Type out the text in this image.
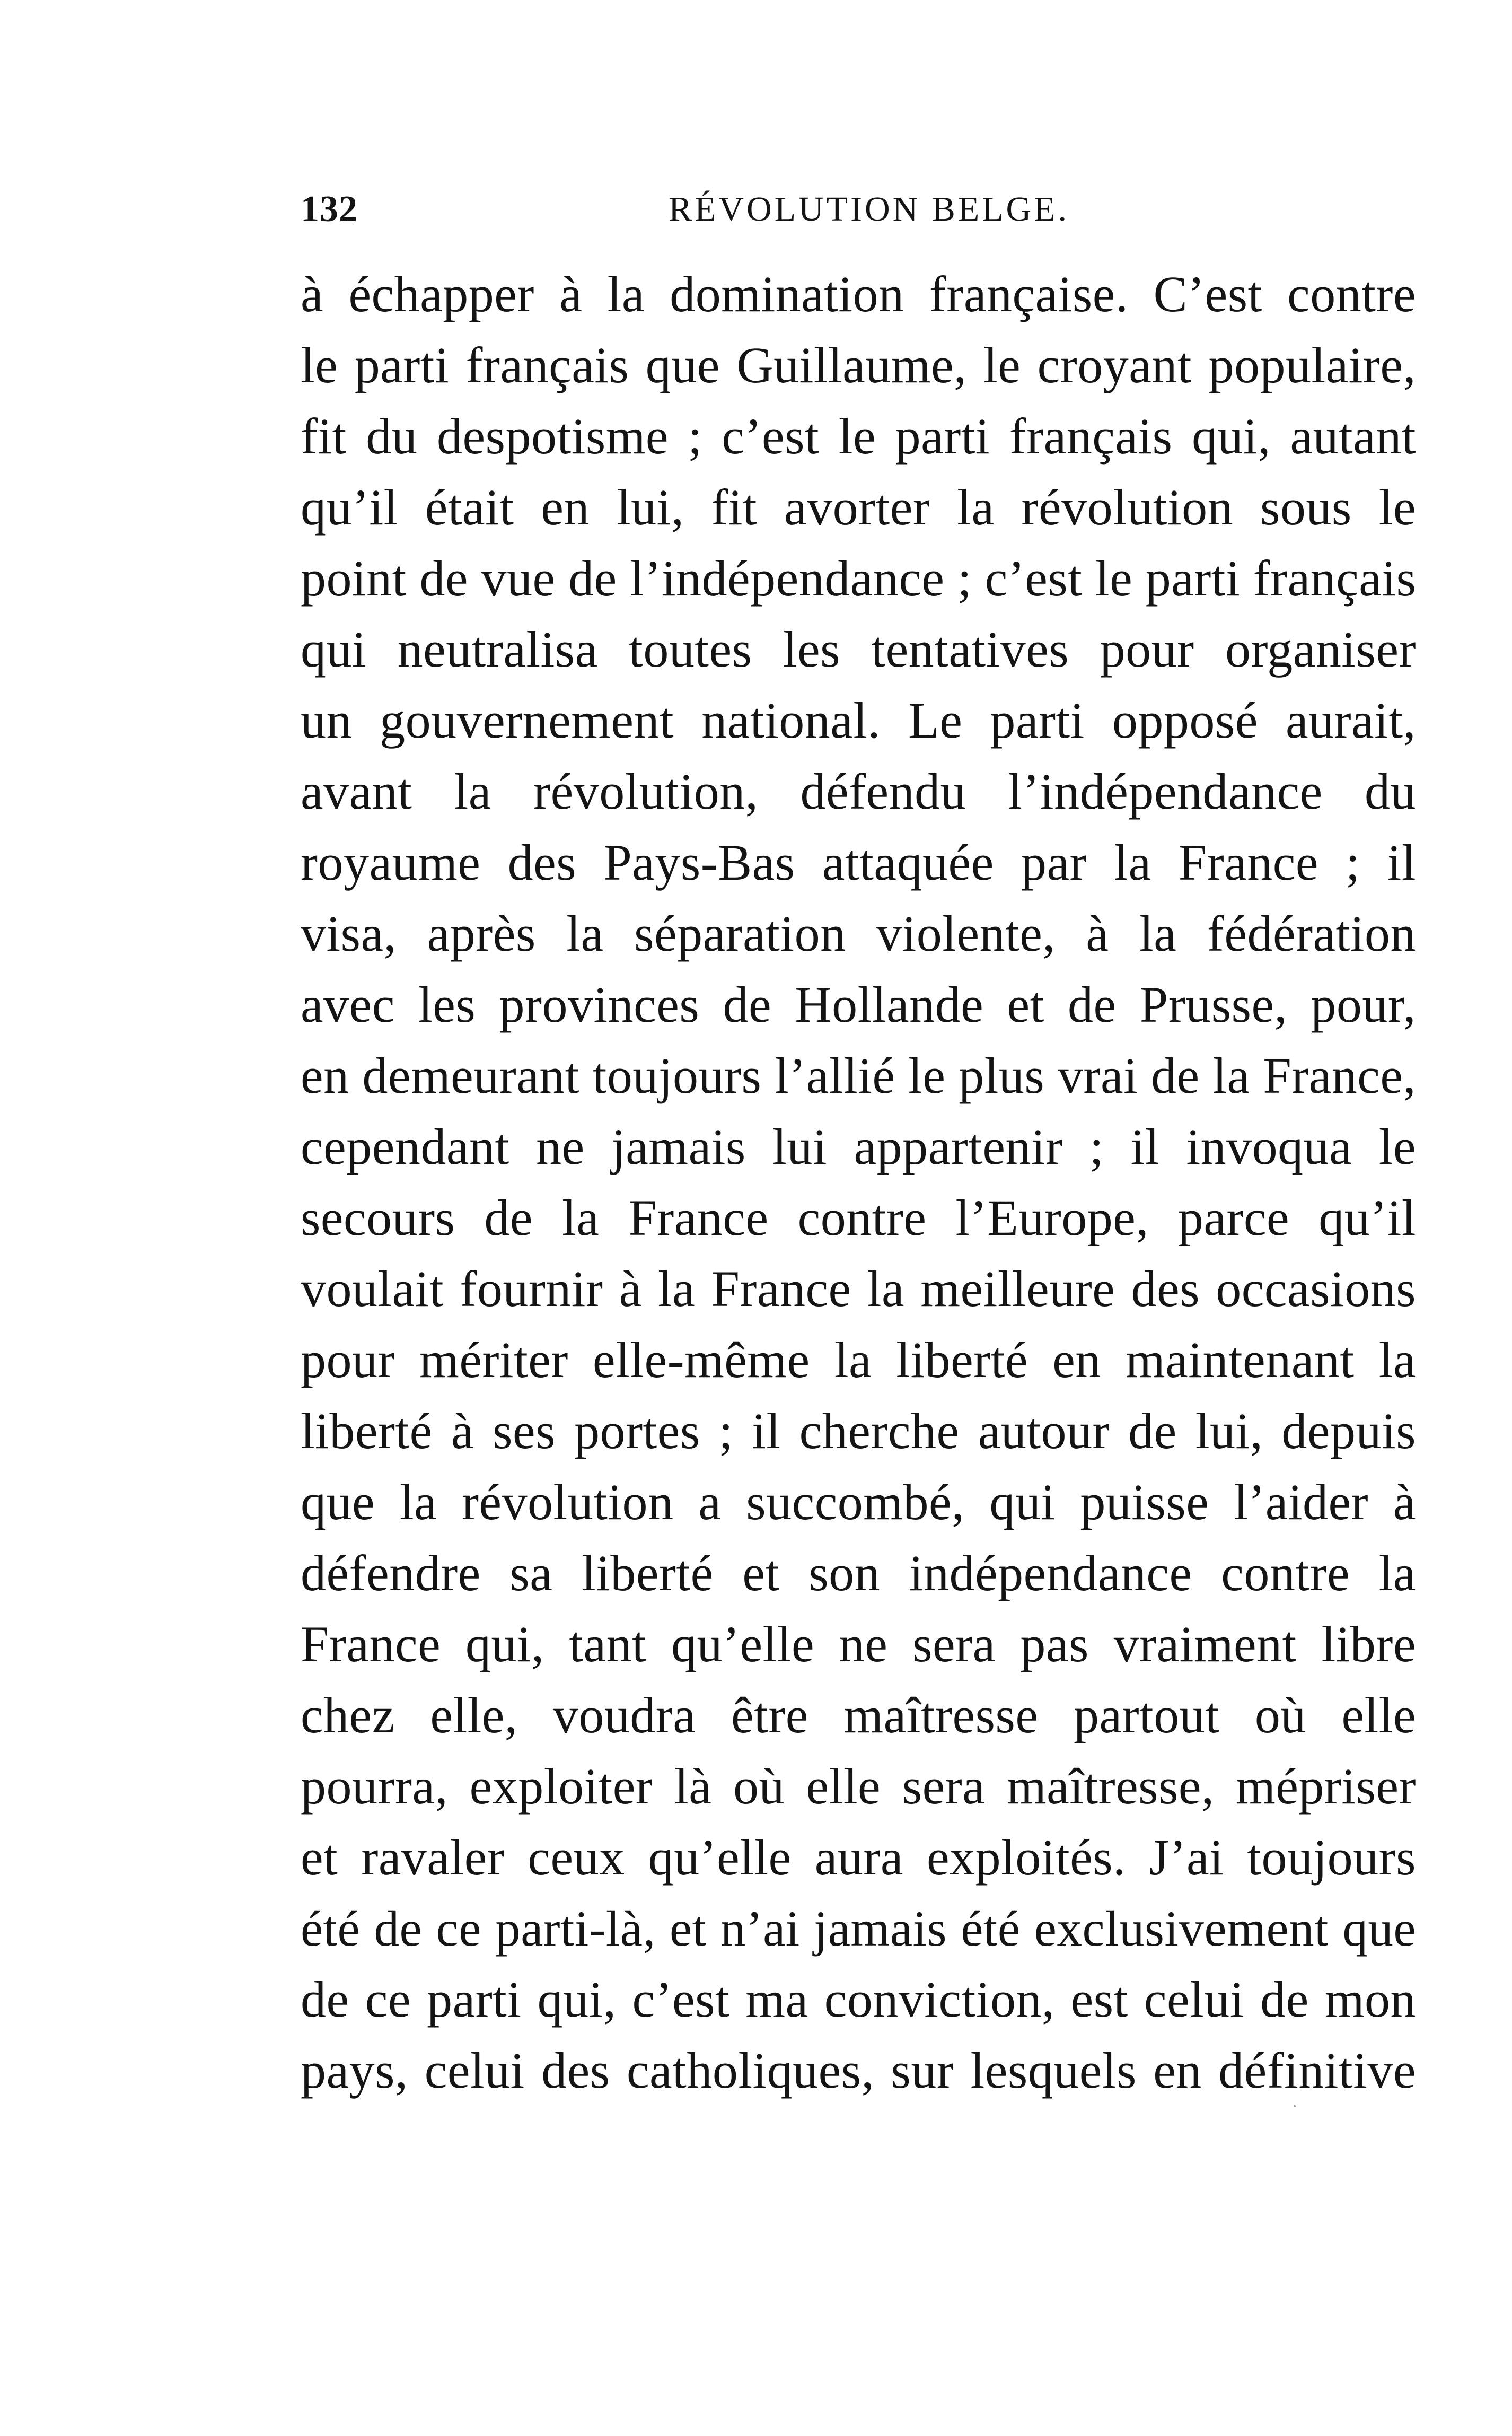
132	RÉVOLUTION BELGE.
à échapper à la domination française. C’est contre
le parti français que Guillaume, le croyant populaire,
fit du despotisme ; c’est le parti français qui, autant
qu’il était en lui, fit avorter la révolution sous le
point de vue de l’indépendance ; c’est le parti français
qui neutralisa toutes les tentatives pour organiser
un gouvernement national. Le parti opposé aurait,
avant la révolution, défendu l’indépendance du
royaume des Pays-Bas attaquée par la France ; il
visa, après la séparation violente, à la fédération
avec les provinces de Hollande et de Prusse, pour,
en demeurant toujours l’allié le plus vrai de la France,
cependant ne jamais lui appartenir ; il invoqua le
secours de la France contre l’Europe, parce qu’il
voulait fournir à la France la meilleure des occasions
pour mériter elle-même la liberté en maintenant la
liberté à ses portes ; il cherche autour de lui, depuis
que la révolution a succombé, qui puisse l’aider à
défendre sa liberté et son indépendance contre la
France qui, tant qu’elle ne sera pas vraiment libre
chez elle, voudra être maîtresse partout où elle
pourra, exploiter là où elle sera maîtresse, mépriser
et ravaler ceux qu’elle aura exploités. J’ai toujours
été de ce parti-là, et n’ai jamais été exclusivement que
de ce parti qui, c’est ma conviction, est celui de mon
pays, celui des catholiques, sur lesquels en définitive
